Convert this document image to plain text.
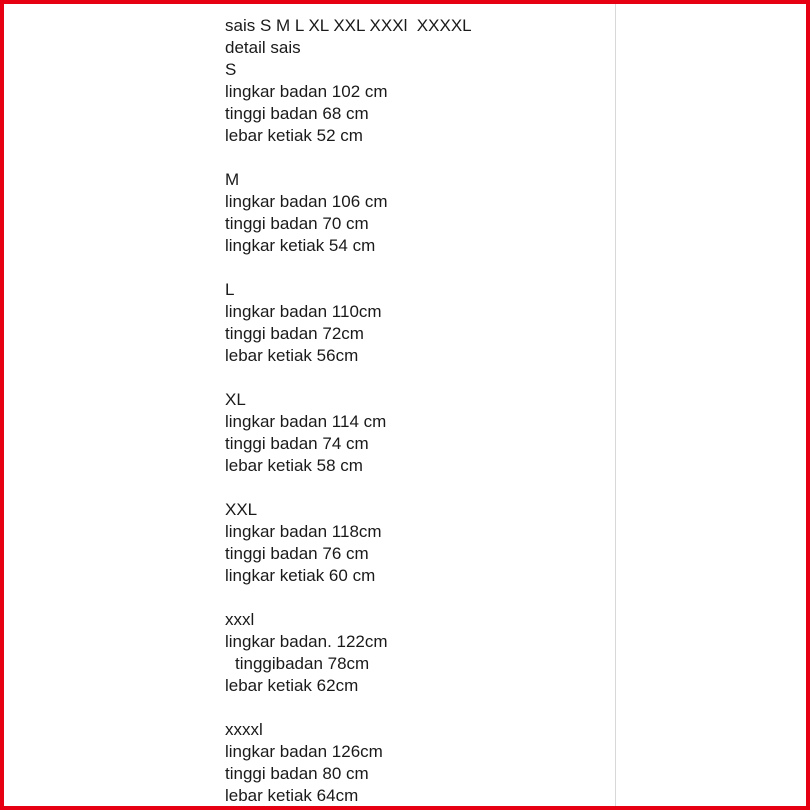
sais S M L XL XXL XXXl  XXXXL
detail sais
S
lingkar badan 102 cm
tinggi badan 68 cm
lebar ketiak 52 cm
M
lingkar badan 106 cm
tinggi badan 70 cm
lingkar ketiak 54 cm
L
lingkar badan 110cm
tinggi badan 72cm
lebar ketiak 56cm
XL
lingkar badan 114 cm
tinggi badan 74 cm
lebar ketiak 58 cm
XXL
lingkar badan 118cm
tinggi badan 76 cm
lingkar ketiak 60 cm
xxxl
lingkar badan. 122cm
tinggibadan 78cm
lebar ketiak 62cm
xxxxl
lingkar badan 126cm
tinggi badan 80 cm
lebar ketiak 64cm
